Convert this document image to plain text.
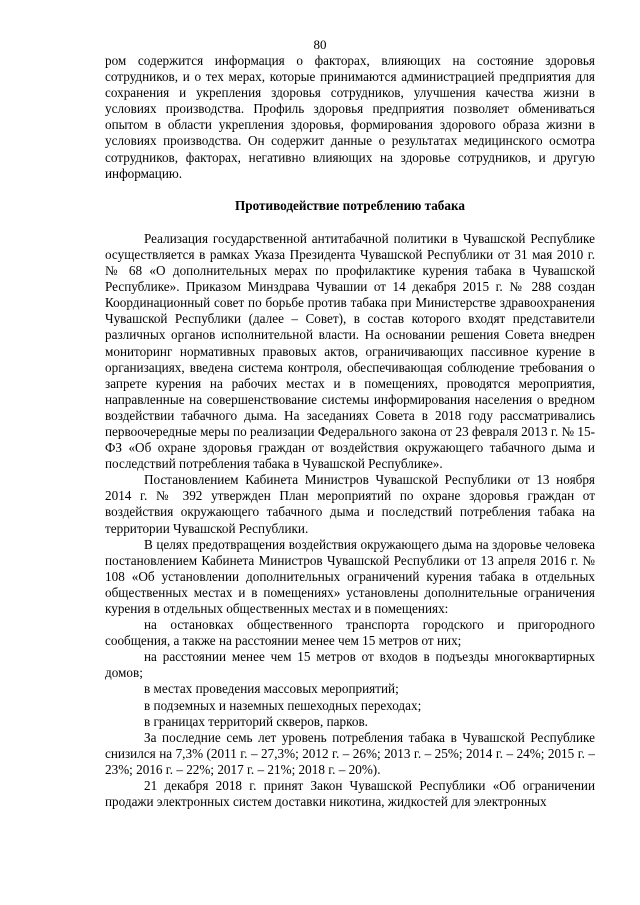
80

ром содержится информация о факторах, влияющих на состояние здоровья сотрудников, и о тех мерах, которые принимаются администрацией предприятия для сохранения и укрепления здоровья сотрудников, улучшения качества жизни в условиях производства. Профиль здоровья предприятия позволяет обмениваться опытом в области укрепления здоровья, формирования здорового образа жизни в условиях производства. Он содержит данные о результатах медицинского осмотра сотрудников, факторах, негативно влияющих на здоровье сотрудников, и другую информацию.

Противодействие потреблению табака

Реализация государственной антитабачной политики в Чувашской Республике осуществляется в рамках Указа Президента Чувашской Республики от 31 мая 2010 г. № 68 «О дополнительных мерах по профилактике курения табака в Чувашской Республике». Приказом Минздрава Чувашии от 14 декабря 2015 г. № 288 создан Координационный совет по борьбе против табака при Министерстве здравоохранения Чувашской Республики (далее – Совет), в состав которого входят представители различных органов исполнительной власти. На основании решения Совета внедрен мониторинг нормативных правовых актов, ограничивающих пассивное курение в организациях, введена система контроля, обеспечивающая соблюдение требования о запрете курения на рабочих местах и в помещениях, проводятся мероприятия, направленные на совершенствование системы информирования населения о вредном воздействии табачного дыма. На заседаниях Совета в 2018 году рассматривались первоочередные меры по реализации Федерального закона от 23 февраля 2013 г. № 15-ФЗ «Об охране здоровья граждан от воздействия окружающего табачного дыма и последствий потребления табака в Чувашской Республике».

Постановлением Кабинета Министров Чувашской Республики от 13 ноября 2014 г. № 392 утвержден План мероприятий по охране здоровья граждан от воздействия окружающего табачного дыма и последствий потребления табака на территории Чувашской Республики.

В целях предотвращения воздействия окружающего дыма на здоровье человека постановлением Кабинета Министров Чувашской Республики от 13 апреля 2016 г. № 108 «Об установлении дополнительных ограничений курения табака в отдельных общественных местах и в помещениях» установлены дополнительные ограничения курения в отдельных общественных местах и в помещениях:

на остановках общественного транспорта городского и пригородного сообщения, а также на расстоянии менее чем 15 метров от них;

на расстоянии менее чем 15 метров от входов в подъезды многоквартирных домов;

в местах проведения массовых мероприятий;

в подземных и наземных пешеходных переходах;

в границах территорий скверов, парков.

За последние семь лет уровень потребления табака в Чувашской Республике снизился на 7,3% (2011 г. – 27,3%; 2012 г. – 26%; 2013 г. – 25%; 2014 г. – 24%; 2015 г. – 23%; 2016 г. – 22%; 2017 г. – 21%; 2018 г. – 20%).

21 декабря 2018 г. принят Закон Чувашской Республики «Об ограничении продажи электронных систем доставки никотина, жидкостей для электронных
